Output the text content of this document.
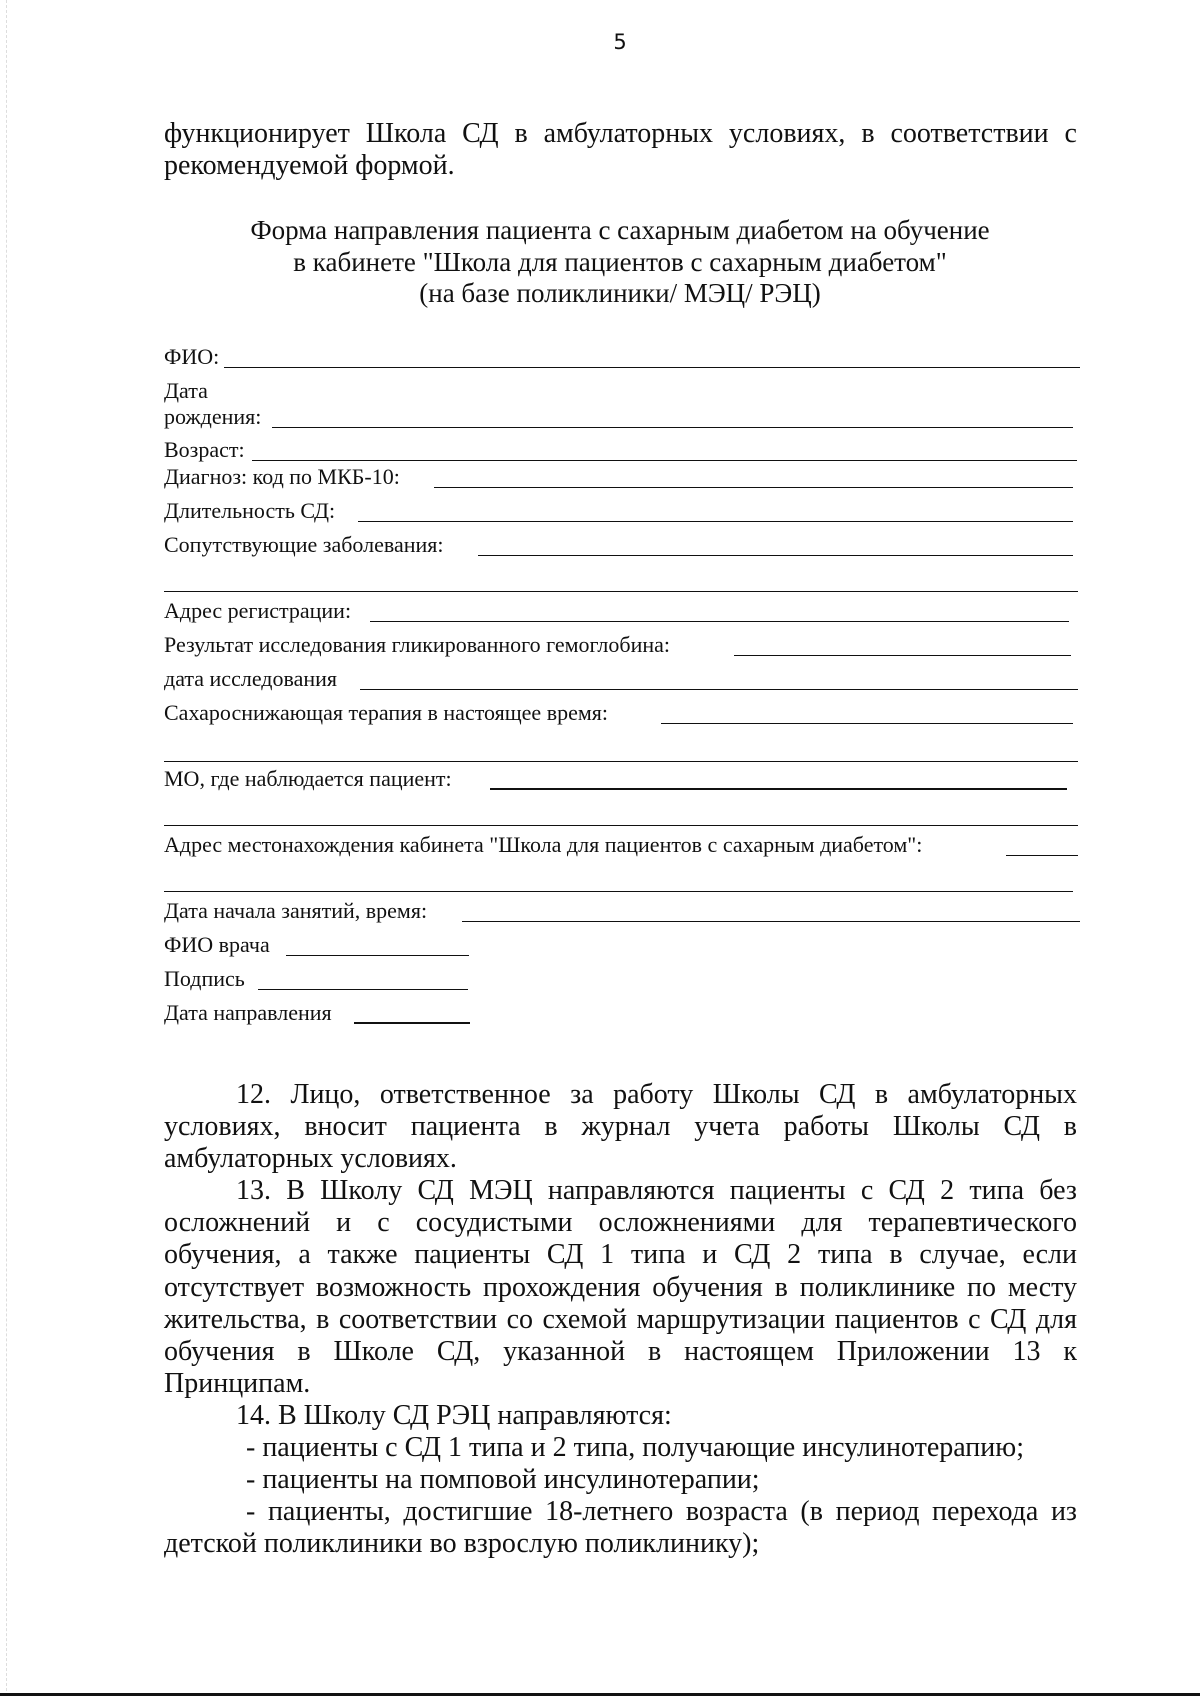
5

функционирует Школа СД в амбулаторных условиях, в соответствии с рекомендуемой формой.

Форма направления пациента с сахарным диабетом на обучение
в кабинете "Школа для пациентов с сахарным диабетом"
(на базе поликлиники/ МЭЦ/ РЭЦ)
ФИО:
Дата
рождения:
Возраст:
Диагноз: код по МКБ-10:
Длительность СД:
Сопутствующие заболевания:
Адрес регистрации:
Результат исследования гликированного гемоглобина:
дата исследования
Сахароснижающая терапия в настоящее время:
МО, где наблюдается пациент:
Адрес местонахождения кабинета "Школа для пациентов с сахарным диабетом":
Дата начала занятий, время:
ФИО врача
Подпись
Дата направления

12. Лицо, ответственное за работу Школы СД в амбулаторных условиях, вносит пациента в журнал учета работы Школы СД в амбулаторных условиях.

13. В Школу СД МЭЦ направляются пациенты с СД 2 типа без осложнений и с сосудистыми осложнениями для терапевтического обучения, а также пациенты СД 1 типа и СД 2 типа в случае, если отсутствует возможность прохождения обучения в поликлинике по месту жительства, в соответствии со схемой маршрутизации пациентов с СД для обучения в Школе СД, указанной в настоящем Приложении 13 к Принципам.

14. В Школу СД РЭЦ направляются:

- пациенты с СД 1 типа и 2 типа, получающие инсулинотерапию;

- пациенты на помповой инсулинотерапии;

- пациенты, достигшие 18-летнего возраста (в период перехода из детской поликлиники во взрослую поликлинику);
